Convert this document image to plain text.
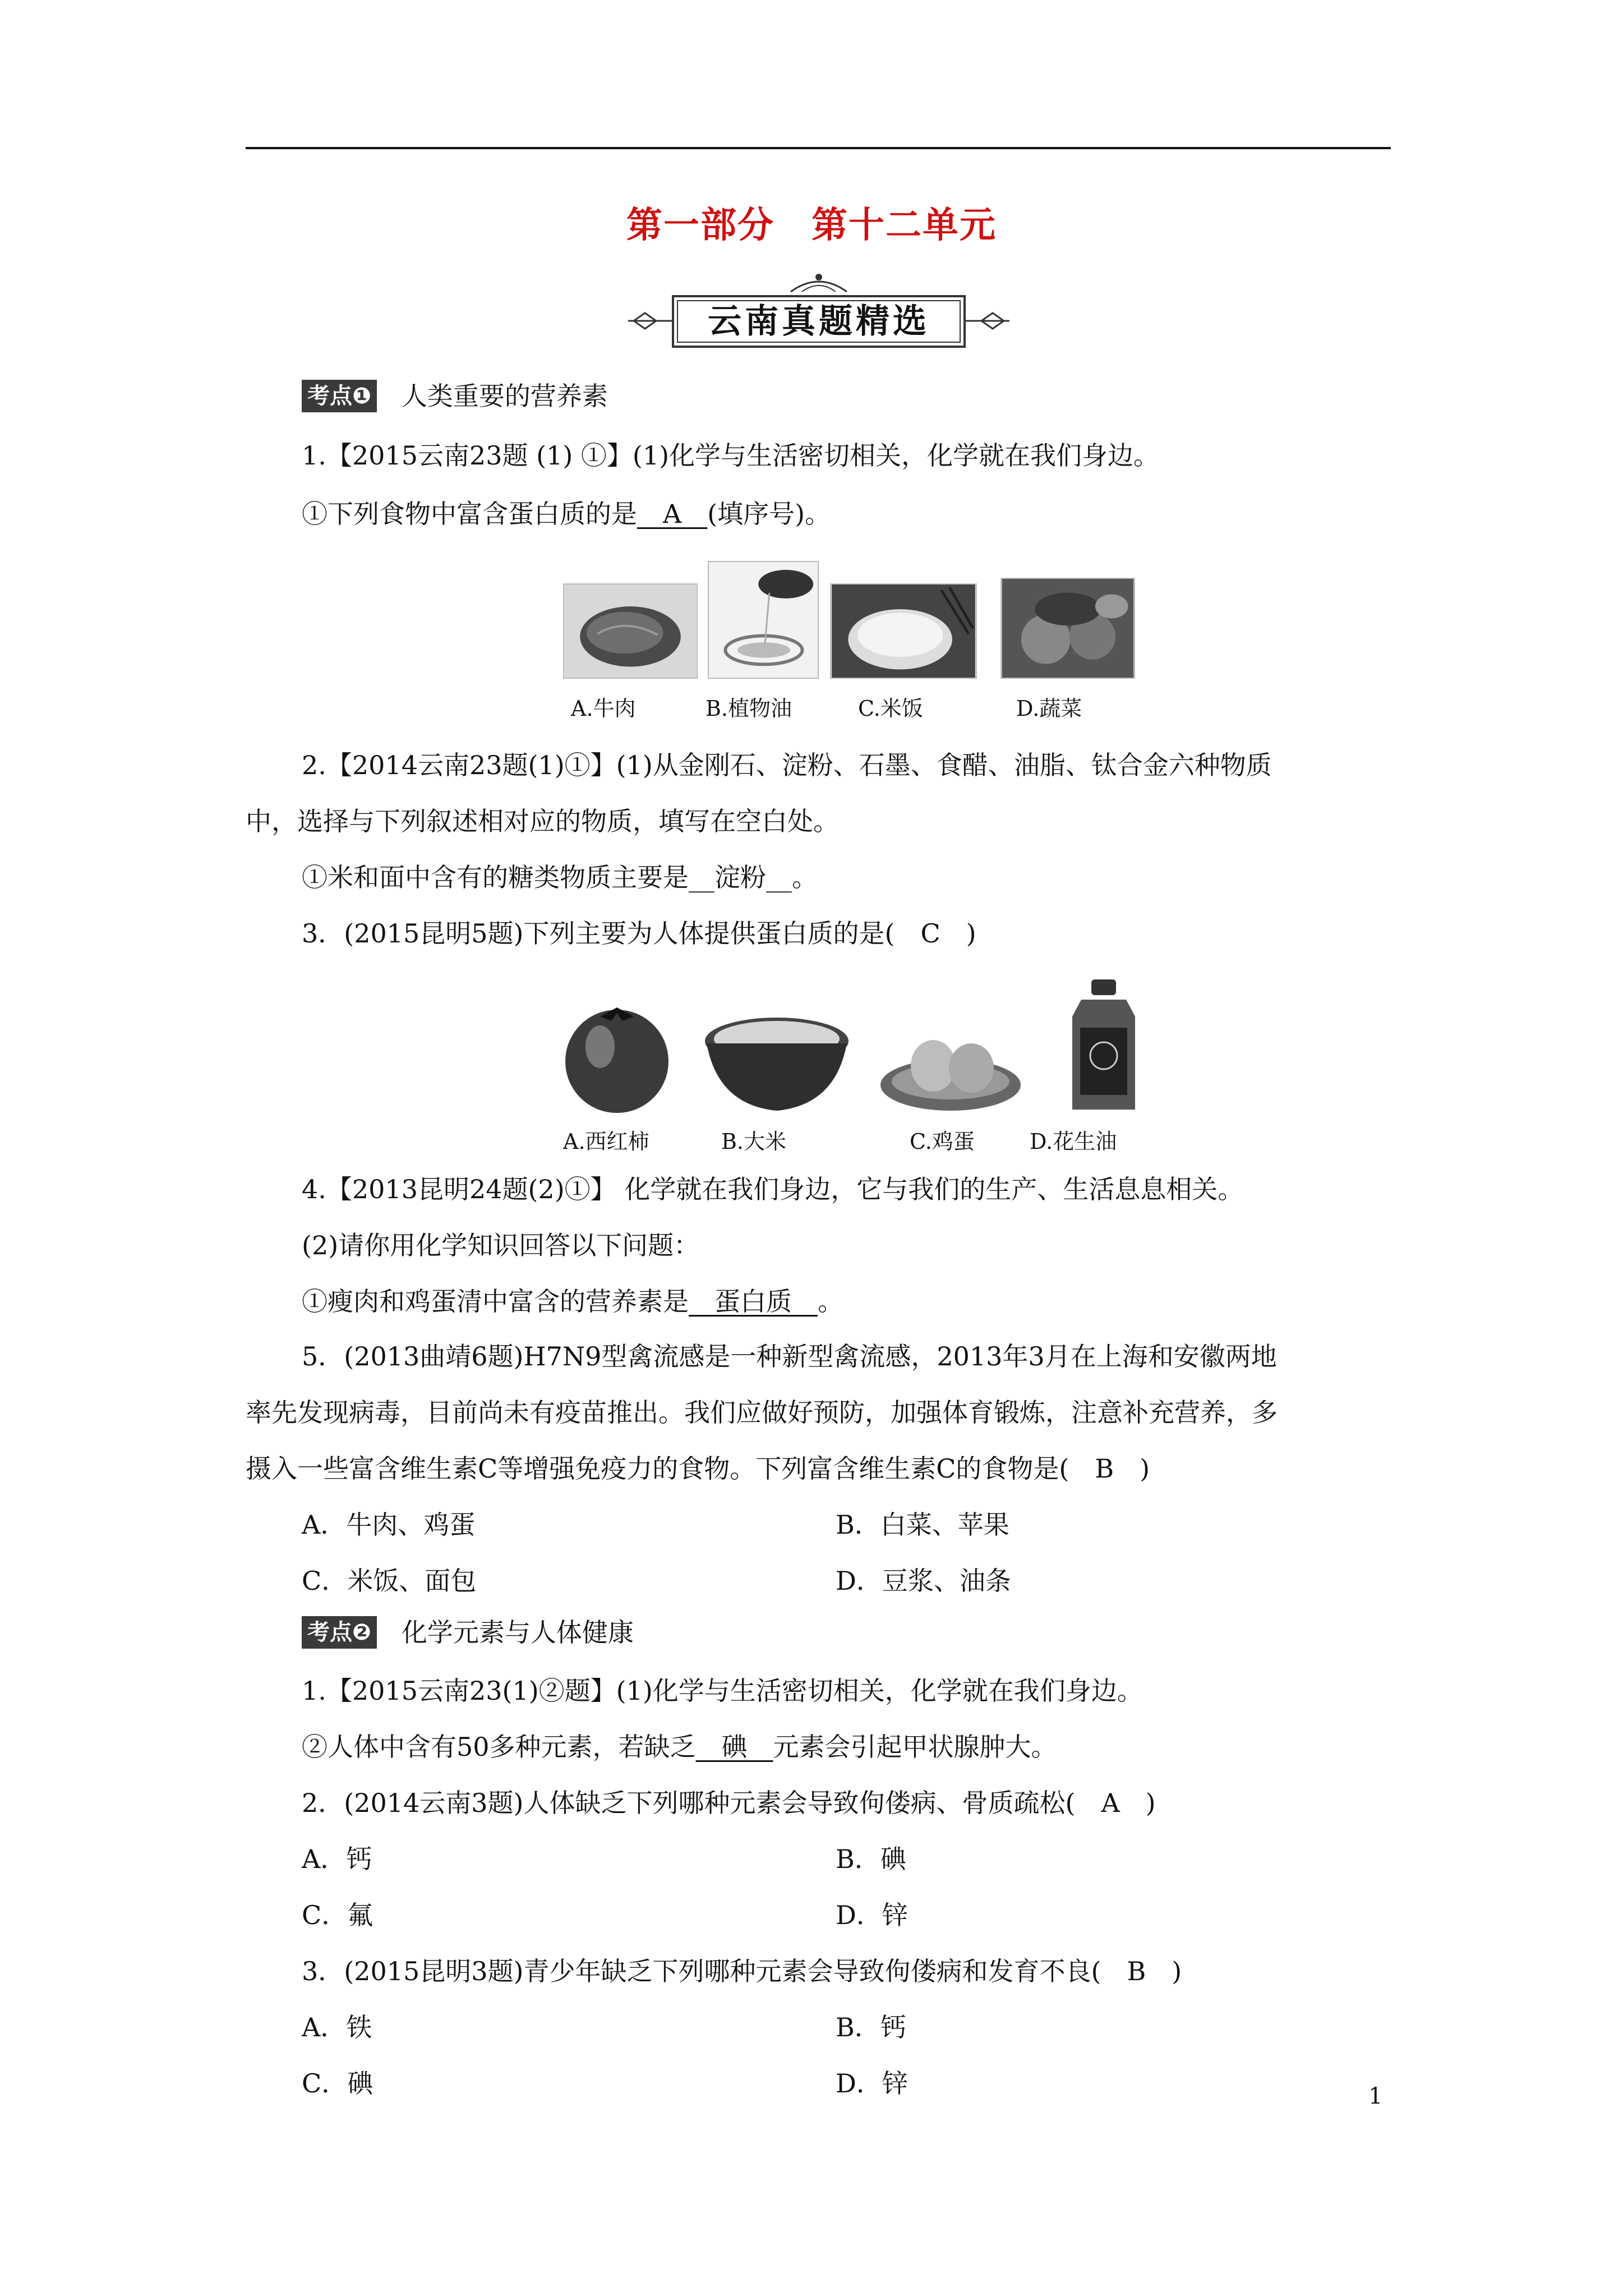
第一部分　第十二单元
云南真题精选
考点❶ 人类重要的营养素
1.【2015云南23题 (1) ①】(1)化学与生活密切相关，化学就在我们身边。
①下列食物中富含蛋白质的是__A__(填序号)。
A.牛肉	B.植物油	C.米饭	D.蔬菜
2.【2014云南23题(1)①】(1)从金刚石、淀粉、石墨、食醋、油脂、钛合金六种物质
中，选择与下列叙述相对应的物质，填写在空白处。
①米和面中含有的糖类物质主要是__淀粉__。
3．(2015昆明5题)下列主要为人体提供蛋白质的是(　C　)
A.西红柿	B.大米	C.鸡蛋	D.花生油
4.【2013昆明24题(2)①】 化学就在我们身边，它与我们的生产、生活息息相关。
(2)请你用化学知识回答以下问题：
①瘦肉和鸡蛋清中富含的营养素是__蛋白质__。
5．(2013曲靖6题)H7N9型禽流感是一种新型禽流感，2013年3月在上海和安徽两地
率先发现病毒，目前尚未有疫苗推出。我们应做好预防，加强体育锻炼，注意补充营养，多
摄入一些富含维生素C等增强免疫力的食物。下列富含维生素C的食物是(　B　)
A．牛肉、鸡蛋	B．白菜、苹果
C．米饭、面包	D．豆浆、油条
考点❷ 化学元素与人体健康
1.【2015云南23(1)②题】(1)化学与生活密切相关，化学就在我们身边。
②人体中含有50多种元素，若缺乏　碘　元素会引起甲状腺肿大。
2．(2014云南3题)人体缺乏下列哪种元素会导致佝偻病、骨质疏松(　A　)
A．钙	B．碘
C．氟	D．锌
3．(2015昆明3题)青少年缺乏下列哪种元素会导致佝偻病和发育不良(　B　)
A．铁	B．钙
C．碘	D．锌	1
